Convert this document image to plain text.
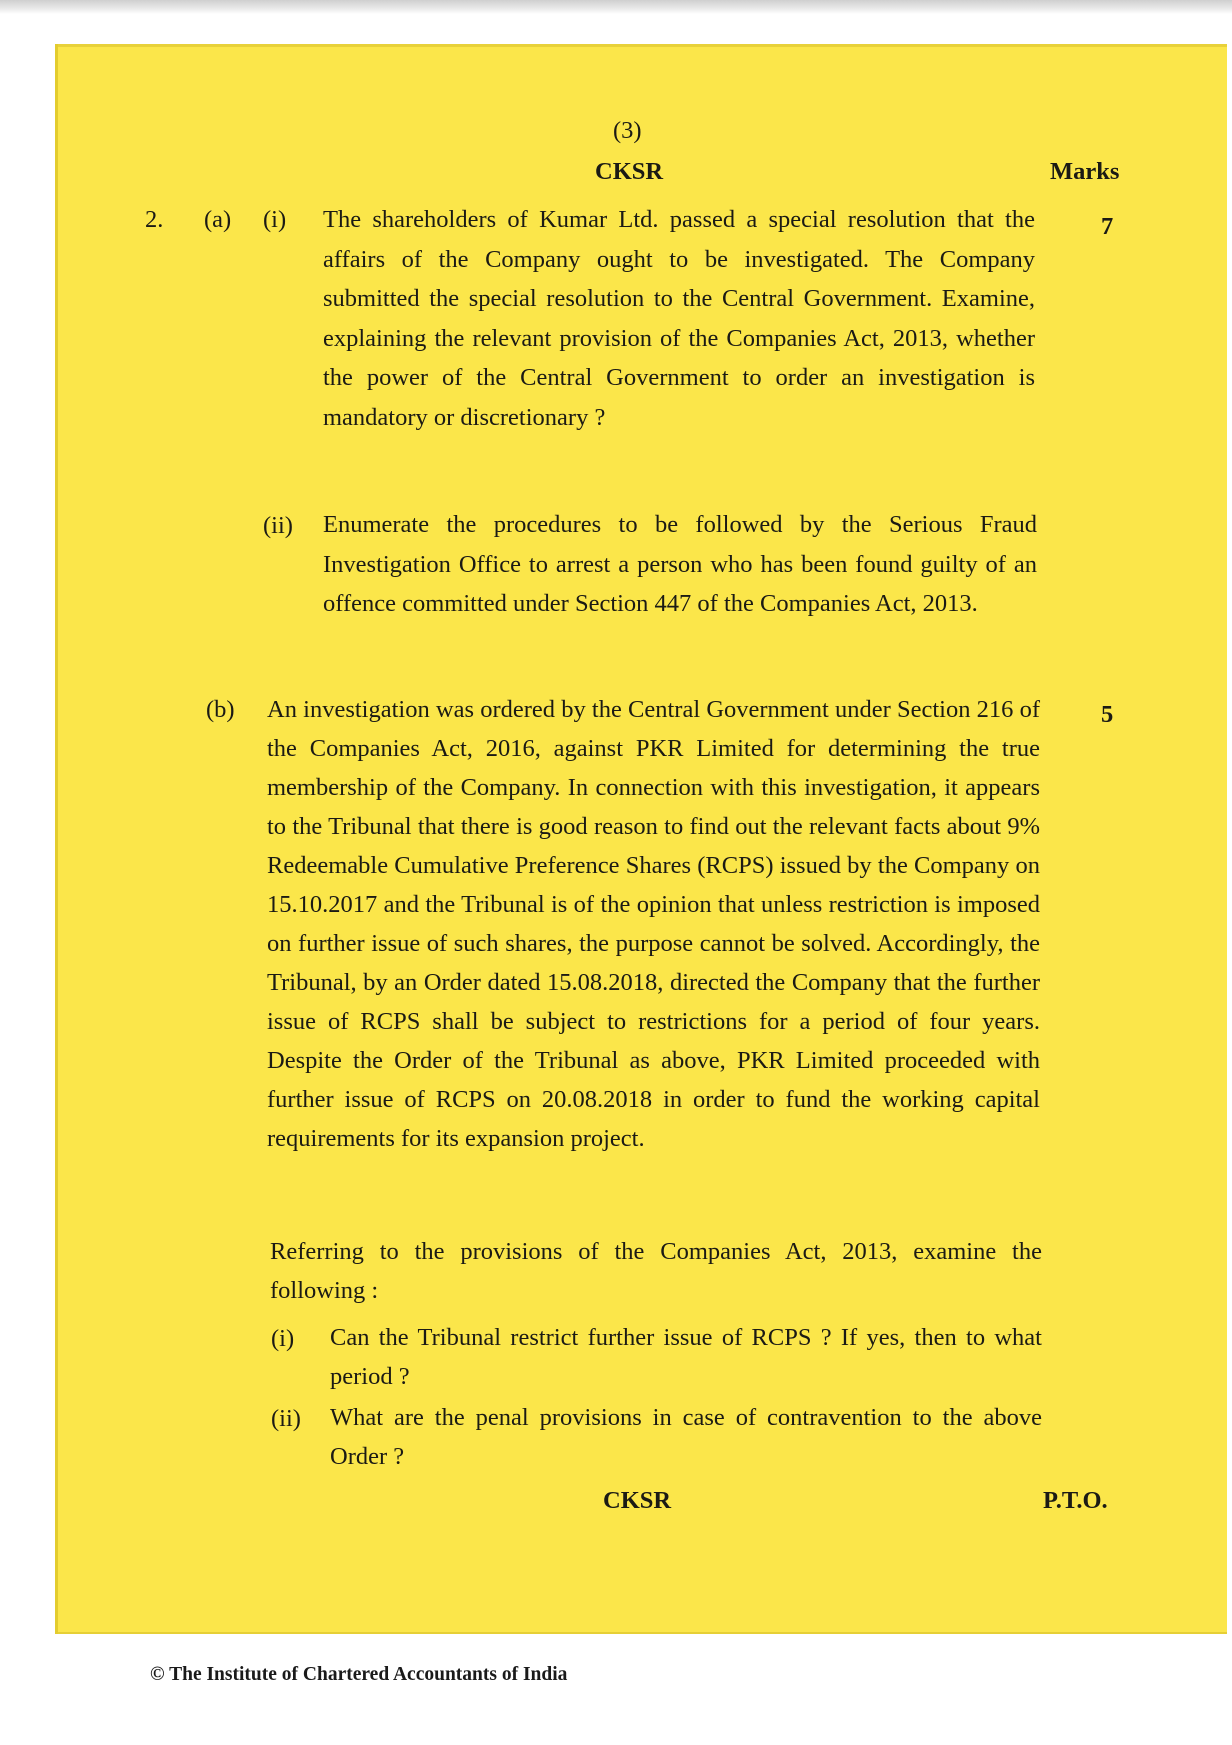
(3)
CKSR	Marks
2. (a) (i)	7
The shareholders of Kumar Ltd. passed a special resolution that the affairs of the Company ought to be investigated. The Company submitted the special resolution to the Central Government. Examine, explaining the relevant provision of the Companies Act, 2013, whether the power of the Central Government to order an investigation is mandatory or discretionary ?
(ii) Enumerate the procedures to be followed by the Serious Fraud Investigation Office to arrest a person who has been found guilty of an offence committed under Section 447 of the Companies Act, 2013.
(b)	5
An investigation was ordered by the Central Government under Section 216 of the Companies Act, 2016, against PKR Limited for determining the true membership of the Company. In connection with this investigation, it appears to the Tribunal that there is good reason to find out the relevant facts about 9% Redeemable Cumulative Preference Shares (RCPS) issued by the Company on 15.10.2017 and the Tribunal is of the opinion that unless restriction is imposed on further issue of such shares, the purpose cannot be solved. Accordingly, the Tribunal, by an Order dated 15.08.2018, directed the Company that the further issue of RCPS shall be subject to restrictions for a period of four years. Despite the Order of the Tribunal as above, PKR Limited proceeded with further issue of RCPS on 20.08.2018 in order to fund the working capital requirements for its expansion project.
Referring to the provisions of the Companies Act, 2013, examine the following :
(i) Can the Tribunal restrict further issue of RCPS ? If yes, then to what period ?
(ii) What are the penal provisions in case of contravention to the above Order ?
CKSR	P.T.O.
© The Institute of Chartered Accountants of India
